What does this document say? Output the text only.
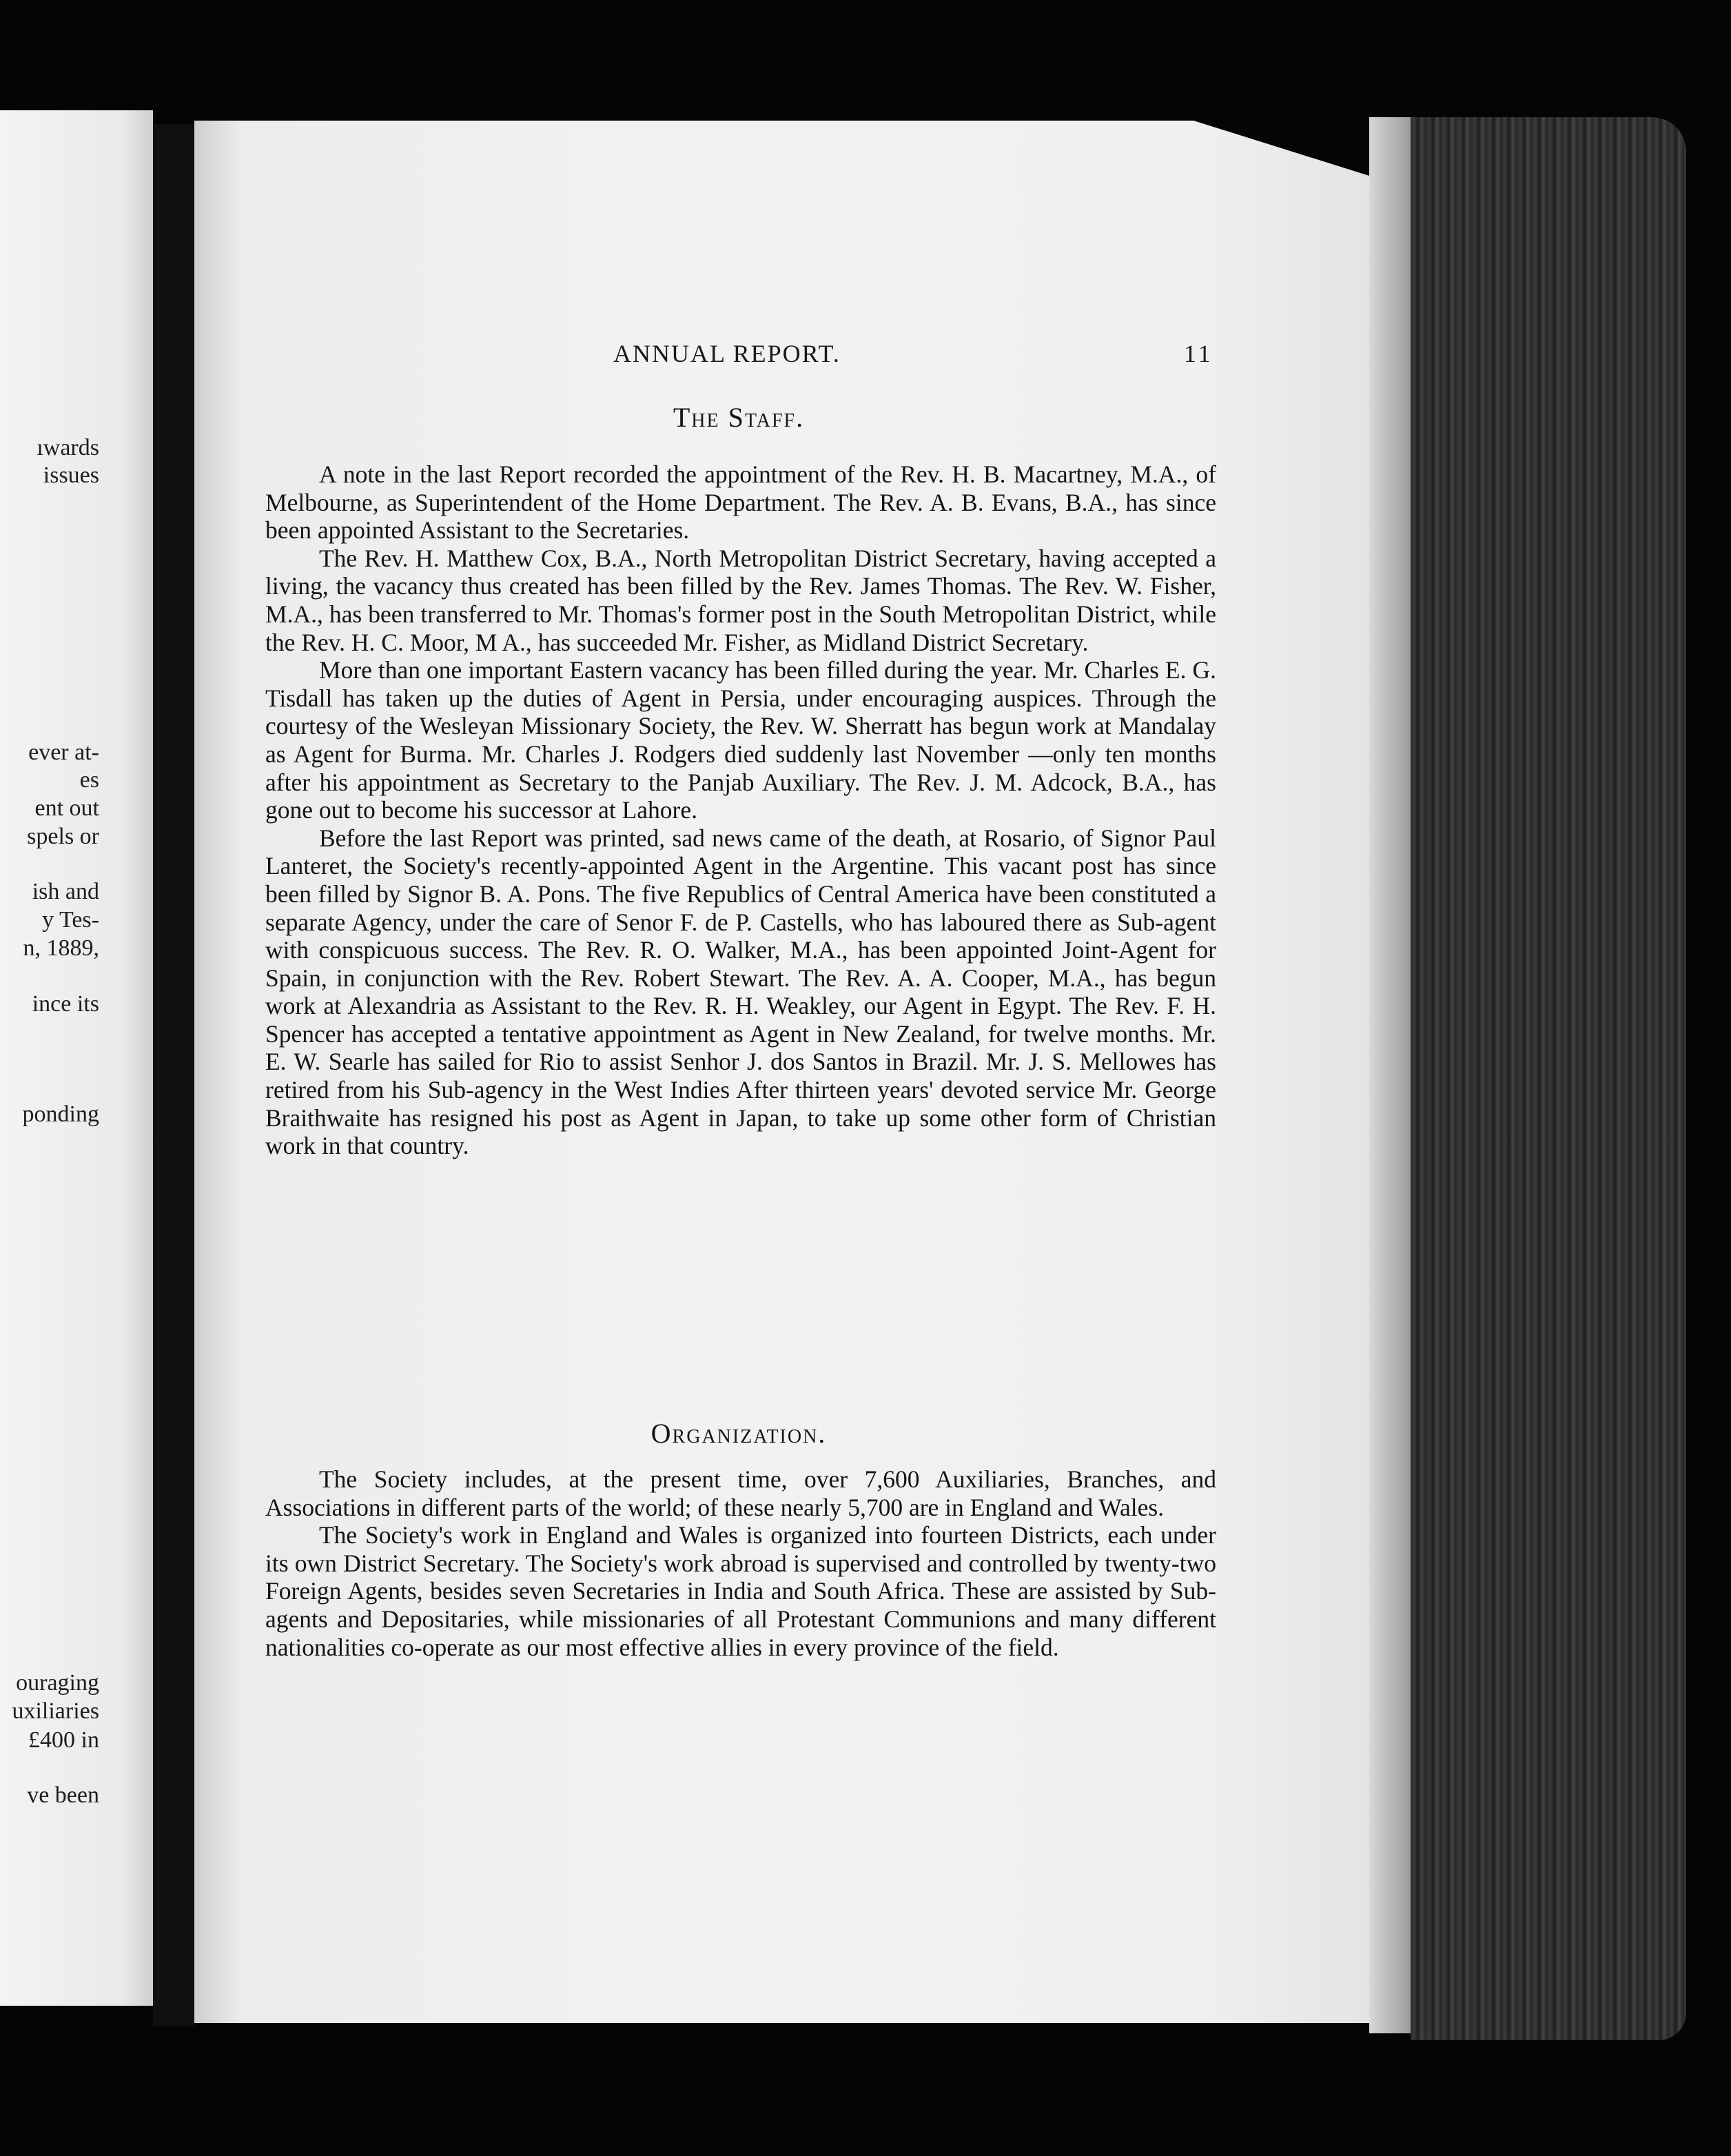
ıwards
issues
ever at-
es
ent out
spels or
ish and
y Tes-
n, 1889,
ince its
ponding
ouraging
uxiliaries
£400 in
ve been
ANNUAL REPORT.	11
The Staff.

A note in the last Report recorded the appointment of the Rev. H. B. Macartney, M.A., of Melbourne, as Superintendent of the Home Department. The Rev. A. B. Evans, B.A., has since been appointed Assistant to the Secretaries.

The Rev. H. Matthew Cox, B.A., North Metropolitan District Secretary, having accepted a living, the vacancy thus created has been filled by the Rev. James Thomas. The Rev. W. Fisher, M.A., has been transferred to Mr. Thomas's former post in the South Metropolitan District, while the Rev. H. C. Moor, M A., has succeeded Mr. Fisher, as Midland District Secretary.

More than one important Eastern vacancy has been filled during the year. Mr. Charles E. G. Tisdall has taken up the duties of Agent in Persia, under encouraging auspices. Through the courtesy of the Wesleyan Missionary Society, the Rev. W. Sherratt has begun work at Mandalay as Agent for Burma. Mr. Charles J. Rodgers died suddenly last November —only ten months after his appointment as Secretary to the Panjab Auxiliary. The Rev. J. M. Adcock, B.A., has gone out to become his successor at Lahore.

Before the last Report was printed, sad news came of the death, at Rosario, of Signor Paul Lanteret, the Society's recently-appointed Agent in the Argentine. This vacant post has since been filled by Signor B. A. Pons. The five Republics of Central America have been constituted a separate Agency, under the care of Senor F. de P. Castells, who has laboured there as Sub-agent with conspicuous success. The Rev. R. O. Walker, M.A., has been appointed Joint-Agent for Spain, in conjunction with the Rev. Robert Stewart. The Rev. A. A. Cooper, M.A., has begun work at Alexandria as Assistant to the Rev. R. H. Weakley, our Agent in Egypt. The Rev. F. H. Spencer has accepted a tentative appointment as Agent in New Zealand, for twelve months. Mr. E. W. Searle has sailed for Rio to assist Senhor J. dos Santos in Brazil. Mr. J. S. Mellowes has retired from his Sub-agency in the West Indies After thirteen years' devoted service Mr. George Braithwaite has resigned his post as Agent in Japan, to take up some other form of Christian work in that country.

Organization.

The Society includes, at the present time, over 7,600 Auxiliaries, Branches, and Associations in different parts of the world; of these nearly 5,700 are in England and Wales.

The Society's work in England and Wales is organized into fourteen Districts, each under its own District Secretary. The Society's work abroad is supervised and controlled by twenty-two Foreign Agents, besides seven Secretaries in India and South Africa. These are assisted by Sub-agents and Depositaries, while missionaries of all Protestant Communions and many different nationalities co-operate as our most effective allies in every province of the field.
